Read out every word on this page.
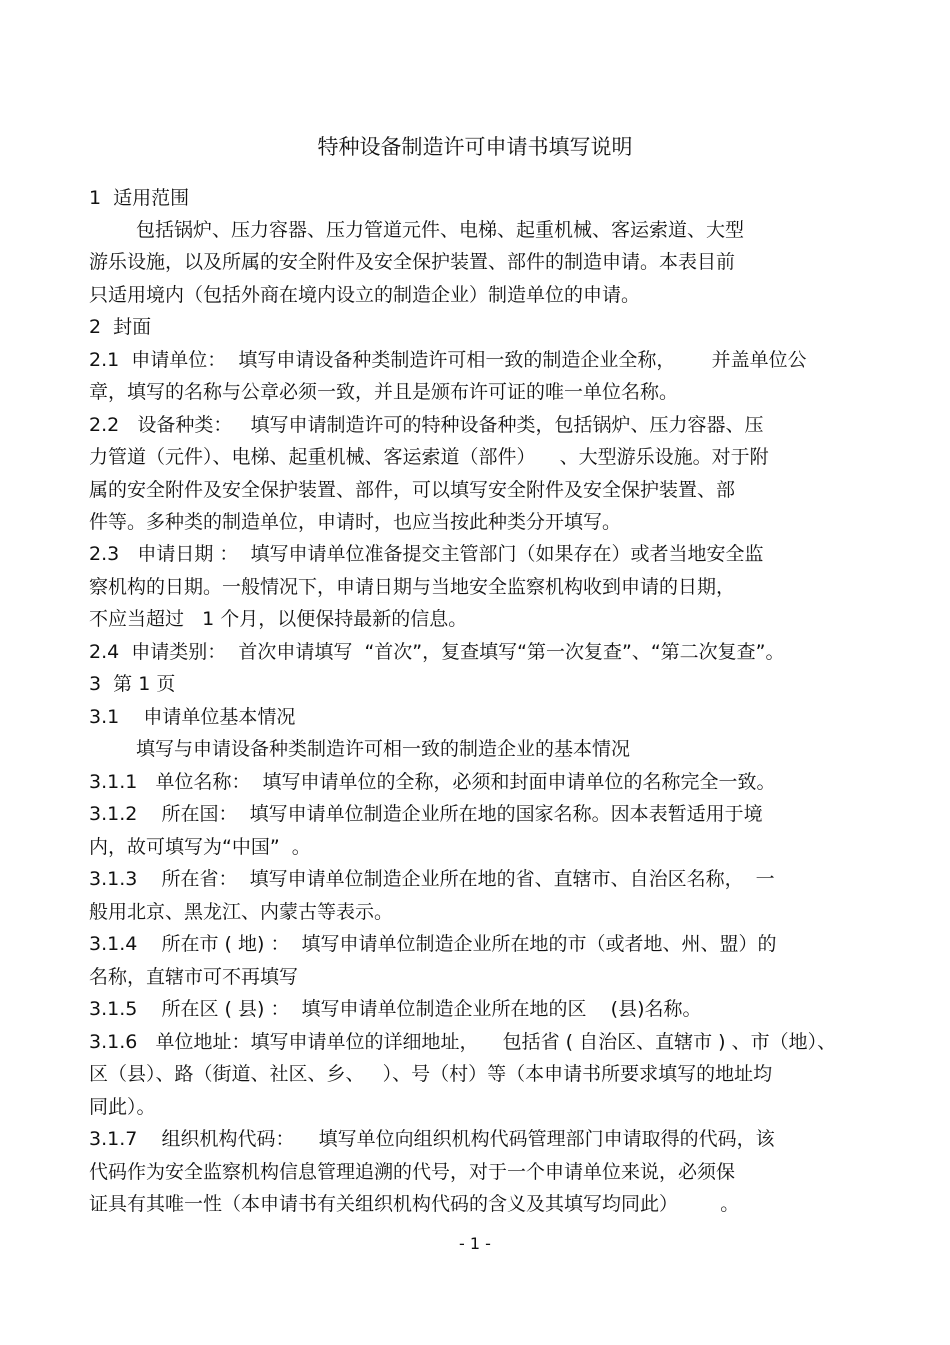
特种设备制造许可申请书填写说明
1  适用范围
包括锅炉、压力容器、压力管道元件、电梯、起重机械、客运索道、大型
游乐设施，以及所属的安全附件及安全保护装置、部件的制造申请。本表目前
只适用境内（包括外商在境内设立的制造企业）制造单位的申请。
2  封面
2.1  申请单位：  填写申请设备种类制造许可相一致的制造企业全称，      并盖单位公
章，填写的名称与公章必须一致，并且是颁布许可证的唯一单位名称。
2.2   设备种类：   填写申请制造许可的特种设备种类，包括锅炉、压力容器、压
力管道（元件）、电梯、起重机械、客运索道（部件）    、大型游乐设施。对于附
属的安全附件及安全保护装置、部件，可以填写安全附件及安全保护装置、部
件等。多种类的制造单位，申请时，也应当按此种类分开填写。
2.3   申请日期 ：  填写申请单位准备提交主管部门（如果存在）或者当地安全监
察机构的日期。一般情况下，申请日期与当地安全监察机构收到申请的日期，
不应当超过   1 个月，以便保持最新的信息。
2.4  申请类别：  首次申请填写  “首次”，复查填写“第一次复查”、“第二次复查”。
3  第 1 页
3.1    申请单位基本情况
填写与申请设备种类制造许可相一致的制造企业的基本情况
3.1.1   单位名称：  填写申请单位的全称，必须和封面申请单位的名称完全一致。
3.1.2    所在国：  填写申请单位制造企业所在地的国家名称。因本表暂适用于境
内，故可填写为“中国”  。
3.1.3    所在省：  填写申请单位制造企业所在地的省、直辖市、自治区名称，  一
般用北京、黑龙江、内蒙古等表示。
3.1.4    所在市 ( 地) ：  填写申请单位制造企业所在地的市（或者地、州、盟）的
名称，直辖市可不再填写
3.1.5    所在区 ( 县) ：  填写申请单位制造企业所在地的区    (县)名称。
3.1.6   单位地址：填写申请单位的详细地址，    包括省 ( 自治区、直辖市 ) 、市（地）、
区（县）、路（街道、社区、乡、   ）、号（村）等（本申请书所要求填写的地址均
同此）。
3.1.7    组织机构代码：    填写单位向组织机构代码管理部门申请取得的代码，该
代码作为安全监察机构信息管理追溯的代号，对于一个申请单位来说，必须保
证具有其唯一性（本申请书有关组织机构代码的含义及其填写均同此）       。
- 1 -
